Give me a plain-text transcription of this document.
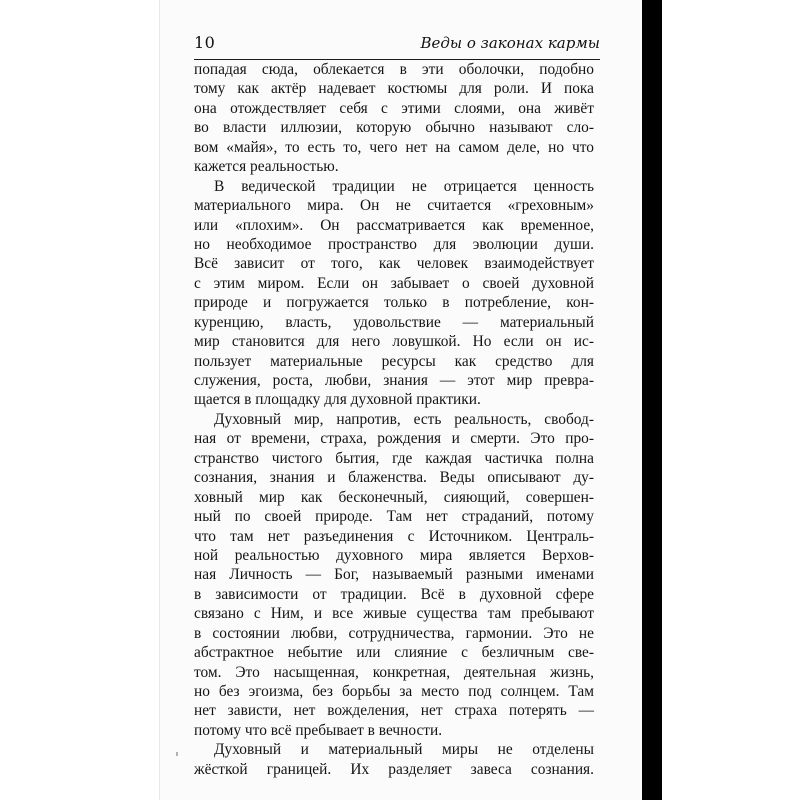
10	Веды о законах кармы
попадая сюда, облекается в эти оболочки, подобно
тому как актёр надевает костюмы для роли. И пока
она отождествляет себя с этими слоями, она живёт
во власти иллюзии, которую обычно называют сло-
вом «майя», то есть то, чего нет на самом деле, но что
кажется реальностью.
В ведической традиции не отрицается ценность
материального мира. Он не считается «греховным»
или «плохим». Он рассматривается как временное,
но необходимое пространство для эволюции души.
Всё зависит от того, как человек взаимодействует
с этим миром. Если он забывает о своей духовной
природе и погружается только в потребление, кон-
куренцию, власть, удовольствие — материальный
мир становится для него ловушкой. Но если он ис-
пользует материальные ресурсы как средство для
служения, роста, любви, знания — этот мир превра-
щается в площадку для духовной практики.
Духовный мир, напротив, есть реальность, свобод-
ная от времени, страха, рождения и смерти. Это про-
странство чистого бытия, где каждая частичка полна
сознания, знания и блаженства. Веды описывают ду-
ховный мир как бесконечный, сияющий, совершен-
ный по своей природе. Там нет страданий, потому
что там нет разъединения с Источником. Централь-
ной реальностью духовного мира является Верхов-
ная Личность — Бог, называемый разными именами
в зависимости от традиции. Всё в духовной сфере
связано с Ним, и все живые существа там пребывают
в состоянии любви, сотрудничества, гармонии. Это не
абстрактное небытие или слияние с безличным све-
том. Это насыщенная, конкретная, деятельная жизнь,
но без эгоизма, без борьбы за место под солнцем. Там
нет зависти, нет вожделения, нет страха потерять —
потому что всё пребывает в вечности.
Духовный и материальный миры не отделены
жёсткой границей. Их разделяет завеса сознания.
